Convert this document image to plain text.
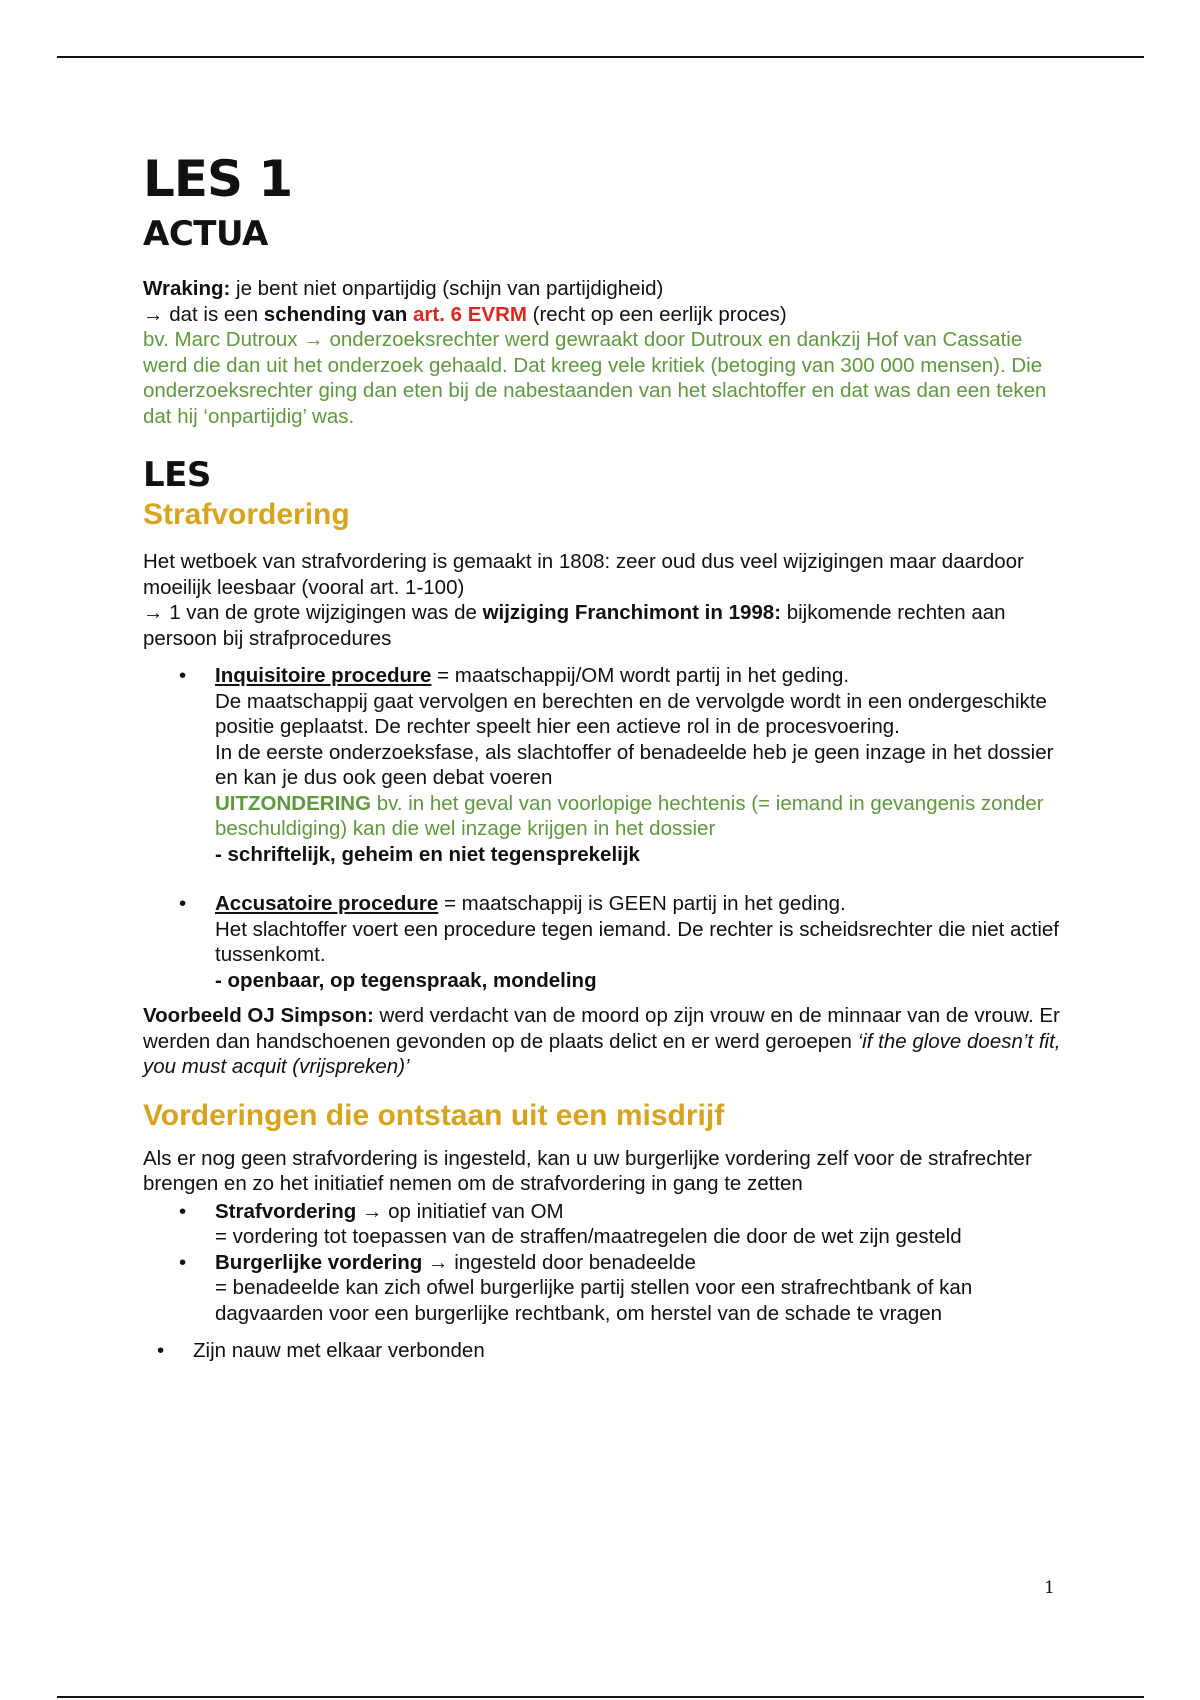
LES 1
ACTUA

Wraking: je bent niet onpartijdig (schijn van partijdigheid)

→ dat is een schending van art. 6 EVRM (recht op een eerlijk proces)

bv. Marc Dutroux → onderzoeksrechter werd gewraakt door Dutroux en dankzij Hof van Cassatie werd die dan uit het onderzoek gehaald. Dat kreeg vele kritiek (betoging van 300 000 mensen). Die onderzoeksrechter ging dan eten bij de nabestaanden van het slachtoffer en dat was dan een teken dat hij ‘onpartijdig’ was.

LES
Strafvordering

Het wetboek van strafvordering is gemaakt in 1808: zeer oud dus veel wijzigingen maar daardoor moeilijk leesbaar (vooral art. 1-100)

→ 1 van de grote wijzigingen was de wijziging Franchimont in 1998: bijkomende rechten aan persoon bij strafprocedures

• Inquisitoire procedure = maatschappij/OM wordt partij in het geding.
De maatschappij gaat vervolgen en berechten en de vervolgde wordt in een ondergeschikte positie geplaatst. De rechter speelt hier een actieve rol in de procesvoering.
In de eerste onderzoeksfase, als slachtoffer of benadeelde heb je geen inzage in het dossier en kan je dus ook geen debat voeren
UITZONDERING bv. in het geval van voorlopige hechtenis (= iemand in gevangenis zonder beschuldiging) kan die wel inzage krijgen in het dossier
- schriftelijk, geheim en niet tegensprekelijk
• Accusatoire procedure = maatschappij is GEEN partij in het geding.
Het slachtoffer voert een procedure tegen iemand. De rechter is scheidsrechter die niet actief tussenkomt.
- openbaar, op tegenspraak, mondeling

Voorbeeld OJ Simpson: werd verdacht van de moord op zijn vrouw en de minnaar van de vrouw. Er werden dan handschoenen gevonden op de plaats delict en er werd geroepen ‘if the glove doesn’t fit, you must acquit (vrijspreken)’

Vorderingen die ontstaan uit een misdrijf

Als er nog geen strafvordering is ingesteld, kan u uw burgerlijke vordering zelf voor de strafrechter brengen en zo het initiatief nemen om de strafvordering in gang te zetten

• Strafvordering → op initiatief van OM
= vordering tot toepassen van de straffen/maatregelen die door de wet zijn gesteld
• Burgerlijke vordering → ingesteld door benadeelde
= benadeelde kan zich ofwel burgerlijke partij stellen voor een strafrechtbank of kan dagvaarden voor een burgerlijke rechtbank, om herstel van de schade te vragen
• Zijn nauw met elkaar verbonden
1
